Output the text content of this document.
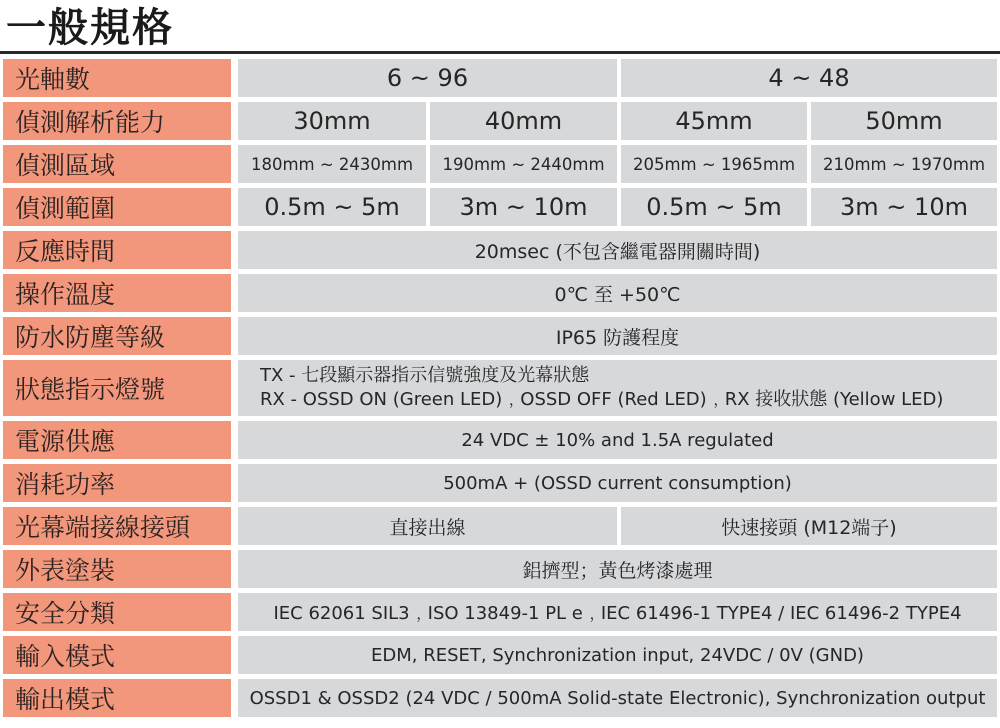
一般規格
光軸數		6 ~ 96		4 ~ 48	
偵測解析能力		30mm	40mm	45mm	50mm
偵測區域		180mm ~ 2430mm	190mm ~ 2440mm	205mm ~ 1965mm	210mm ~ 1970mm
偵測範圍		0.5m ~ 5m	3m ~ 10m	0.5m ~ 5m	3m ~ 10m
反應時間		20msec (不包含繼電器開關時間)			
操作溫度		0℃ 至 +50℃			
防水防塵等級		IP65 防護程度			
狀態指示燈號		TX - 七段顯示器指示信號強度及光幕狀態
RX - OSSD ON (Green LED)﹐OSSD OFF (Red LED)﹐RX 接收狀態 (Yellow LED)			

電源供應		24 VDC ± 10% and 1.5A regulated			
消耗功率		500mA + (OSSD current consumption)			
光幕端接線接頭		直接出線		快速接頭 (M12端子)	
外表塗裝		鋁擠型；黃色烤漆處理			
安全分類		IEC 62061 SIL3﹐ISO 13849-1 PL e﹐IEC 61496-1 TYPE4 / IEC 61496-2 TYPE4			
輸入模式		EDM, RESET, Synchronization input, 24VDC / 0V (GND)			
輸出模式		OSSD1 & OSSD2 (24 VDC / 500mA Solid-state Electronic), Synchronization output			
